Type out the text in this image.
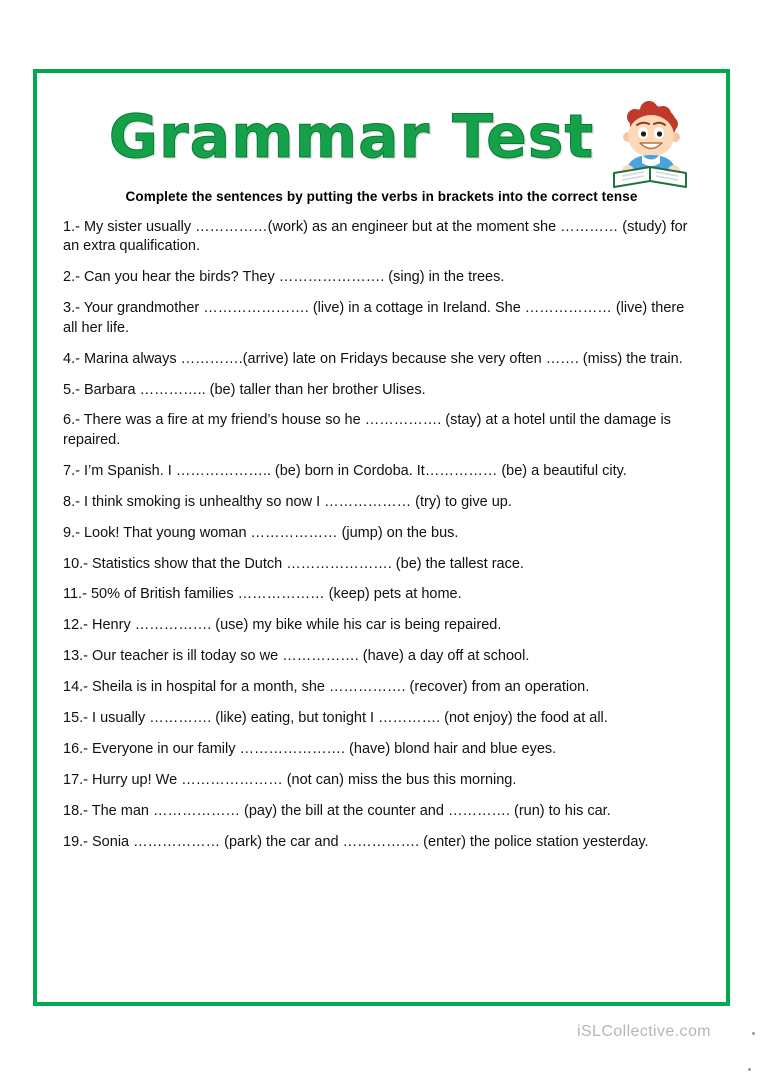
Grammar Test
Complete the sentences by putting the verbs in brackets into the correct tense
1.- My sister usually ……………(work) as an engineer but at the moment she ………… (study) for an extra qualification.
2.- Can you hear the birds? They …………………. (sing) in the trees.
3.- Your grandmother …………………. (live) in a cottage in Ireland. She ……………… (live) there all her life.
4.- Marina always ………….(arrive) late on Fridays because she very often ……. (miss) the train.
5.- Barbara ………….. (be) taller than her brother Ulises.
6.- There was a fire at my friend’s house so he ……………. (stay) at a hotel until the damage is repaired.
7.- I’m Spanish. I ……………….. (be) born in Cordoba. It…………… (be) a beautiful city.
8.- I think smoking is unhealthy so now I ……………… (try) to give up.
9.- Look! That young woman ……………… (jump) on the bus.
10.- Statistics show that the Dutch …………………. (be) the tallest race.
11.- 50% of British families ……………… (keep) pets at home.
12.- Henry ……………. (use) my bike while his car is being repaired.
13.- Our teacher is ill today so we ……………. (have) a day off at school.
14.- Sheila is in hospital for a month, she ……………. (recover) from an operation.
15.- I usually …………. (like) eating, but tonight I …………. (not enjoy) the food at all.
16.- Everyone in our family …………………. (have) blond hair and blue eyes.
17.- Hurry up! We ………………… (not can) miss the bus this morning.
18.- The man ……………… (pay) the bill at the counter and …………. (run) to his car.
19.- Sonia ……………… (park) the car and ……………. (enter) the police station yesterday.
iSLCollective.com
